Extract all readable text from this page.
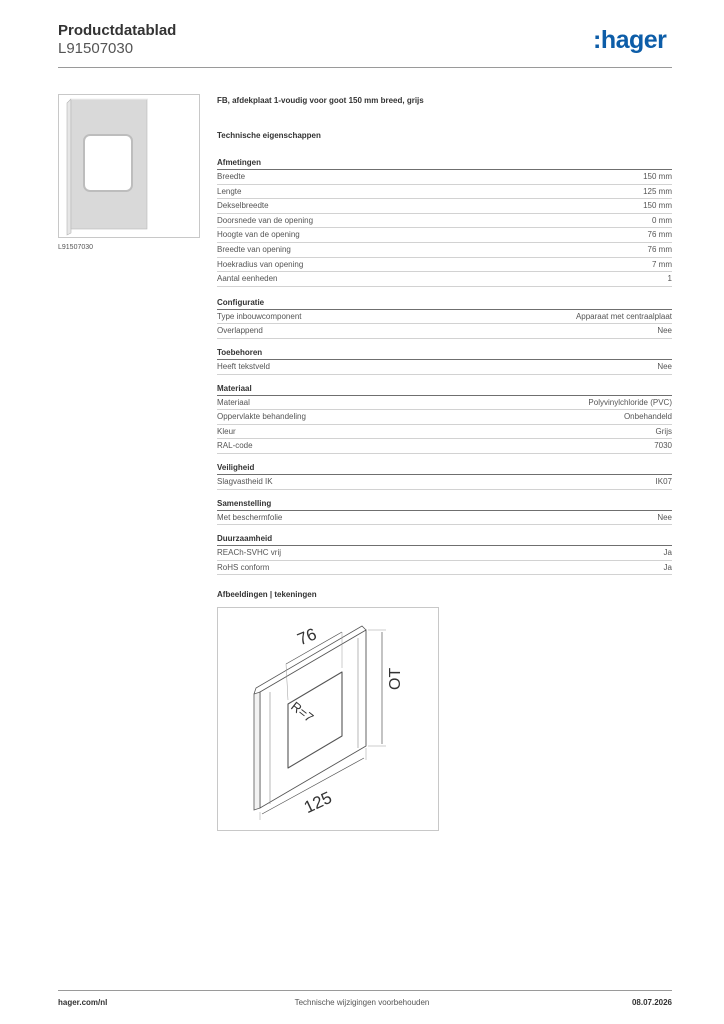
Productdatablad
L91507030	:hager
L91507030
FB, afdekplaat 1-voudig voor goot 150 mm breed, grijs
Technische eigenschappen
Afmetingen
Breedte	150 mm
Lengte	125 mm
Dekselbreedte	150 mm
Doorsnede van de opening	0 mm
Hoogte van de opening	76 mm
Breedte van opening	76 mm
Hoekradius van opening	7 mm
Aantal eenheden	1
Configuratie
Type inbouwcomponent	Apparaat met centraalplaat
Overlappend	Nee
Toebehoren
Heeft tekstveld	Nee
Materiaal
Materiaal	Polyvinylchloride (PVC)
Oppervlakte behandeling	Onbehandeld
Kleur	Grijs
RAL-code	7030
Veiligheid
Slagvastheid IK	IK07
Samenstelling
Met beschermfolie	Nee
Duurzaamheid
REACh-SVHC vrij	Ja
RoHS conform	Ja
Afbeeldingen | tekeningen
76
OT
R=7
125
hager.com/nl	Technische wijzigingen voorbehouden	08.07.2026
